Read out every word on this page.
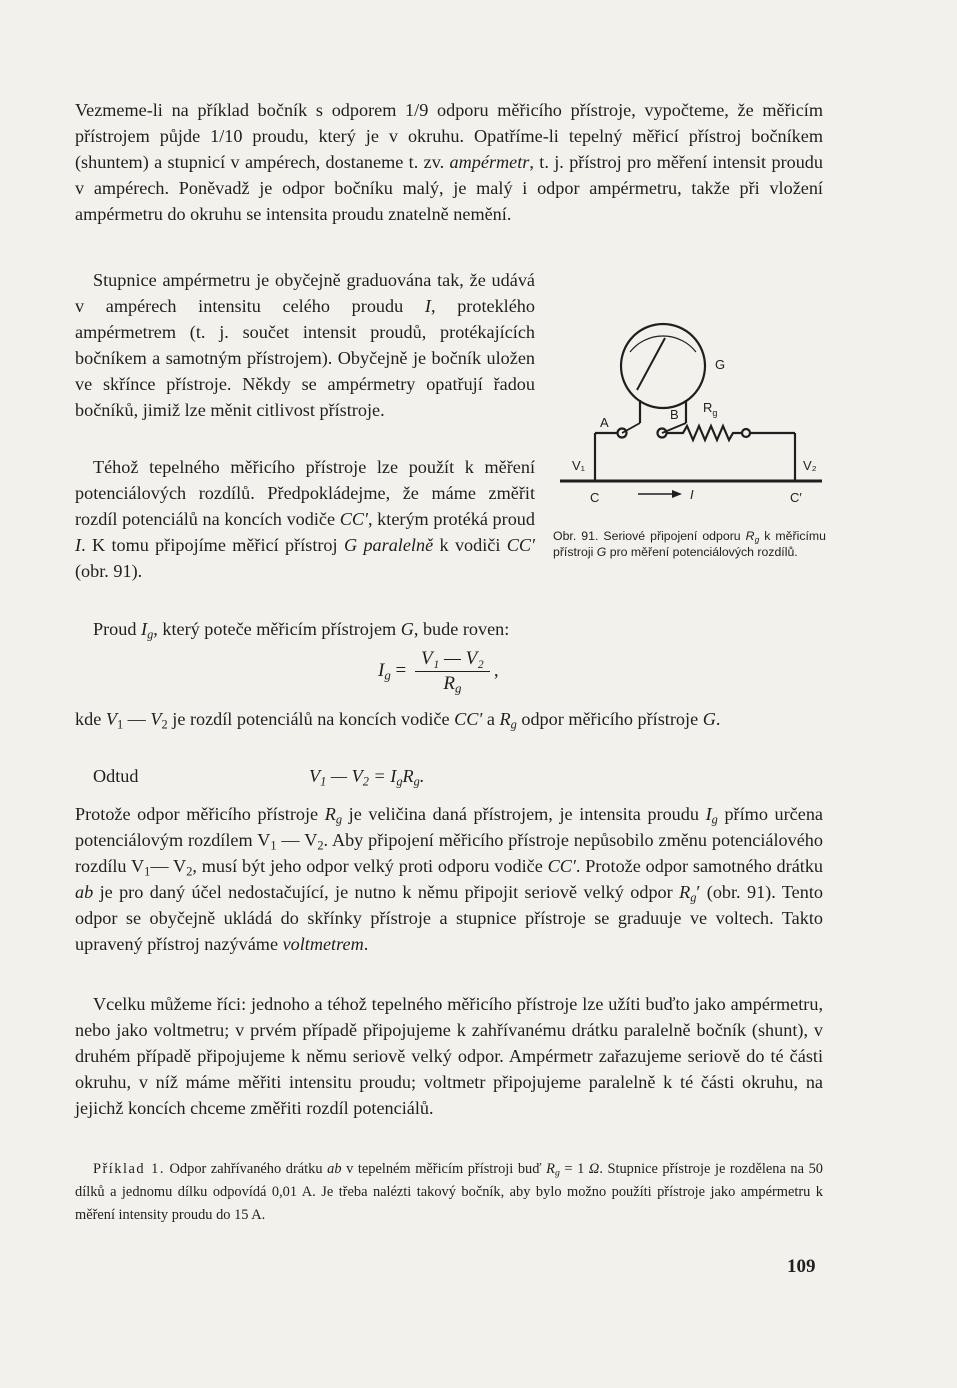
Vezmeme-li na příklad bočník s odporem 1/9 odporu měřicího přístroje, vypočteme, že měřicím přístrojem půjde 1/10 proudu, který je v okruhu. Opatříme-li tepelný měřicí přístroj bočníkem (shuntem) a stupnicí v ampérech, dostaneme t. zv. ampérmetr, t. j. přístroj pro měření intensit proudu v ampérech. Poněvadž je odpor bočníku malý, je malý i odpor ampérmetru, takže při vložení ampérmetru do okruhu se intensita proudu znatelně nemění.

Stupnice ampérmetru je obyčejně graduována tak, že udává v ampérech intensitu celého proudu I, proteklého ampérmetrem (t. j. součet intensit proudů, protékajících bočníkem a samotným přístrojem). Obyčejně je bočník uložen ve skřínce přístroje. Někdy se ampérmetry opatřují řadou bočníků, jimiž lze měnit citlivost přístroje.

Téhož tepelného měřicího přístroje lze použít k měření potenciálových rozdílů. Předpokládejme, že máme změřit rozdíl potenciálů na koncích vodiče CC′, kterým protéká proud I. K tomu připojíme měřicí přístroj G paralelně k vodiči CC′ (obr. 91).

Proud $I_g$, který poteče měřicím přístrojem G, bude roven:

$I_g = \frac{\text{V₁ — V₂}}{R_g}$ ,

kde $V_1$ — $V_2$ je rozdíl potenciálů na koncích vodiče CC′ a $R_g$ odpor měřicího přístroje G.

Odtud	$V_1$ — $V_2 = I_gR_g$.

Protože odpor měřicího přístroje $R_g$ je veličina daná přístrojem, je intensita proudu $I_g$ přímo určena potenciálovým rozdílem $V_1$ — $V_2$. Aby připojení měřicího přístroje nepůsobilo změnu potenciálového rozdílu $V_1—$ $V_2$, musí být jeho odpor velký proti odporu vodiče CC′. Protože odpor samotného drátku ab je pro daný účel nedostačující, je nutno k němu připojit seriově velký odpor $R_g'$ (obr. 91). Tento odpor se obyčejně ukládá do skřínky přístroje a stupnice přístroje se graduuje ve voltech. Takto upravený přístroj nazýváme voltmetrem.

Vcelku můžeme říci: jednoho a téhož tepelného měřicího přístroje lze užíti buďto jako ampérmetru, nebo jako voltmetru; v prvém případě připojujeme k zahřívanému drátku paralelně bočník (shunt), v druhém případě připojujeme k němu seriově velký odpor. Ampérmetr zařazujeme seriově do té části okruhu, v níž máme měřiti intensitu proudu; voltmetr připojujeme paralelně k té části okruhu, na jejichž koncích chceme změřiti rozdíl potenciálů.

Příklad 1. Odpor zahřívaného drátku ab v tepelném měřicím přístroji buď $R_g = 1$ Ω. Stupnice přístroje je rozdělena na 50 dílků a jednomu dílku odpovídá 0,01 A. Je třeba nalézti takový bočník, aby bylo možno použíti přístroje jako ampérmetru k měření intensity proudu do 15 A.

G
A
B $R_g$
V₁	V₂
C	C′
I
Obr. 91. Seriové připojení odporu $R_g$ k měřicímu přístroji G pro měření potenciálových rozdílů.
109
